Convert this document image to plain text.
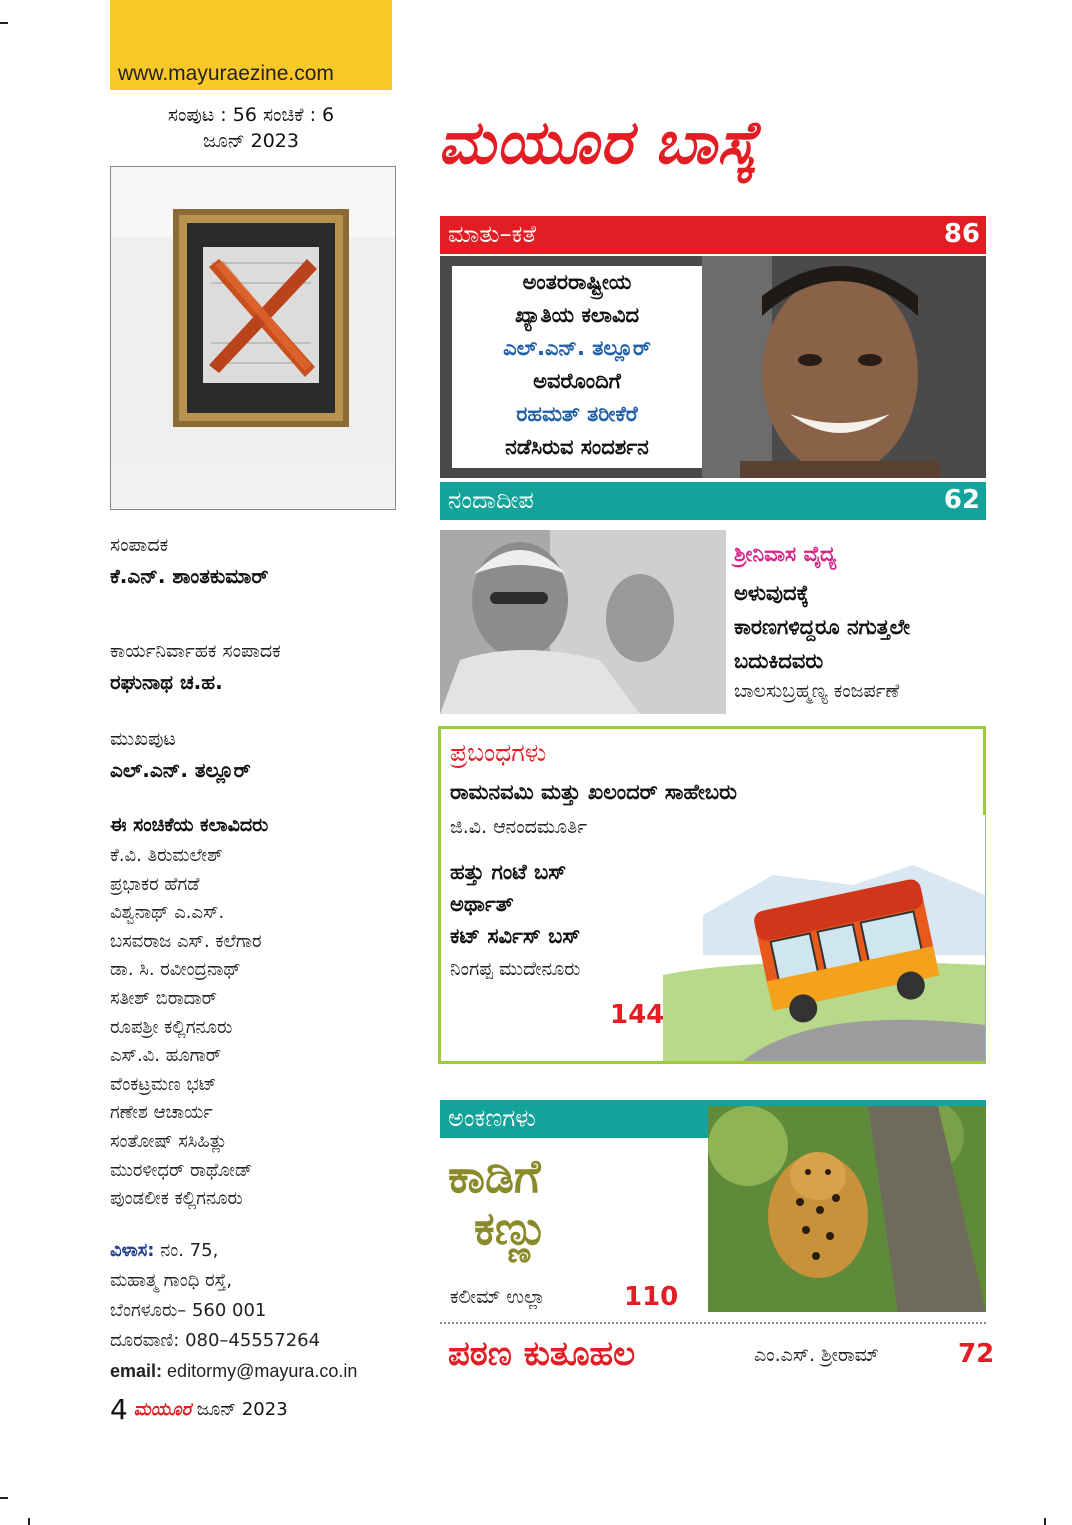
www.mayuraezine.com
ಸಂಪುಟ : 56 ಸಂಚಿಕೆ : 6
ಜೂನ್ 2023
ಸಂಪಾದಕ
ಕೆ.ಎನ್. ಶಾಂತಕುಮಾರ್
ಕಾರ್ಯನಿರ್ವಾಹಕ ಸಂಪಾದಕ
ರಘುನಾಥ ಚ.ಹ.
ಮುಖಪುಟ
ಎಲ್.ಎನ್. ತಲ್ಲೂರ್
ಈ ಸಂಚಿಕೆಯ ಕಲಾವಿದರು
ಕೆ.ವಿ. ತಿರುಮಲೇಶ್
ಪ್ರಭಾಕರ ಹೆಗಡೆ
ವಿಶ್ವನಾಥ್ ಎ.ಎಸ್.
ಬಸವರಾಜ ಎಸ್. ಕಲೆಗಾರ
ಡಾ. ಸಿ. ರವೀಂದ್ರನಾಥ್
ಸತೀಶ್ ಬಿರಾದಾರ್
ರೂಪಶ್ರೀ ಕಲ್ಲಿಗನೂರು
ಎಸ್.ವಿ. ಹೂಗಾರ್
ವೆಂಕಟ್ರಮಣ ಭಟ್
ಗಣೇಶ ಆಚಾರ್ಯ
ಸಂತೋಷ್ ಸಸಿಹಿತ್ಲು
ಮುರಳೀಧರ್ ರಾಥೋಡ್
ಪುಂಡಲೀಕ ಕಲ್ಲಿಗನೂರು
ವಿಳಾಸ: ನಂ. 75,
ಮಹಾತ್ಮ ಗಾಂಧಿ ರಸ್ತೆ,
ಬೆಂಗಳೂರು– 560 001
ದೂರವಾಣಿ: 080–45557264
email: editormy@mayura.co.in
4 ಮಯೂರ ಜೂನ್ 2023
ಮಯೂರ ಬಾಸ್ಕೆ
ಮಾತು–ಕತೆ	86
ಅಂತರರಾಷ್ಟ್ರೀಯ
ಖ್ಯಾತಿಯ ಕಲಾವಿದ
ಎಲ್.ಎನ್. ತಲ್ಲೂರ್
ಅವರೊಂದಿಗೆ
ರಹಮತ್ ತರೀಕೆರೆ
ನಡೆಸಿರುವ ಸಂದರ್ಶನ
ನಂದಾದೀಪ	62
ಶ್ರೀನಿವಾಸ ವೈದ್ಯ
ಅಳುವುದಕ್ಕೆ
ಕಾರಣಗಳಿದ್ದರೂ ನಗುತ್ತಲೇ
ಬದುಕಿದವರು
ಬಾಲಸುಬ್ರಹ್ಮಣ್ಯ ಕಂಜರ್ಪಣೆ
ಪ್ರಬಂಧಗಳು
ರಾಮನವಮಿ ಮತ್ತು ಖಲಂದರ್ ಸಾಹೇಬರು
ಜಿ.ವಿ. ಆನಂದಮೂರ್ತಿ
ಹತ್ತು ಗಂಟೆ ಬಸ್
ಅರ್ಥಾತ್
ಕಟ್ ಸರ್ವಿಸ್ ಬಸ್
ನಿಂಗಪ್ಪ ಮುದೇನೂರು
144
ಅಂಕಣಗಳು
ಕಾಡಿಗೆ
ಕಣ್ಣು
ಕಲೀಮ್ ಉಲ್ಲಾ	110
ಪಠಣ ಕುತೂಹಲ	ಎಂ.ಎಸ್. ಶ್ರೀರಾಮ್	72
